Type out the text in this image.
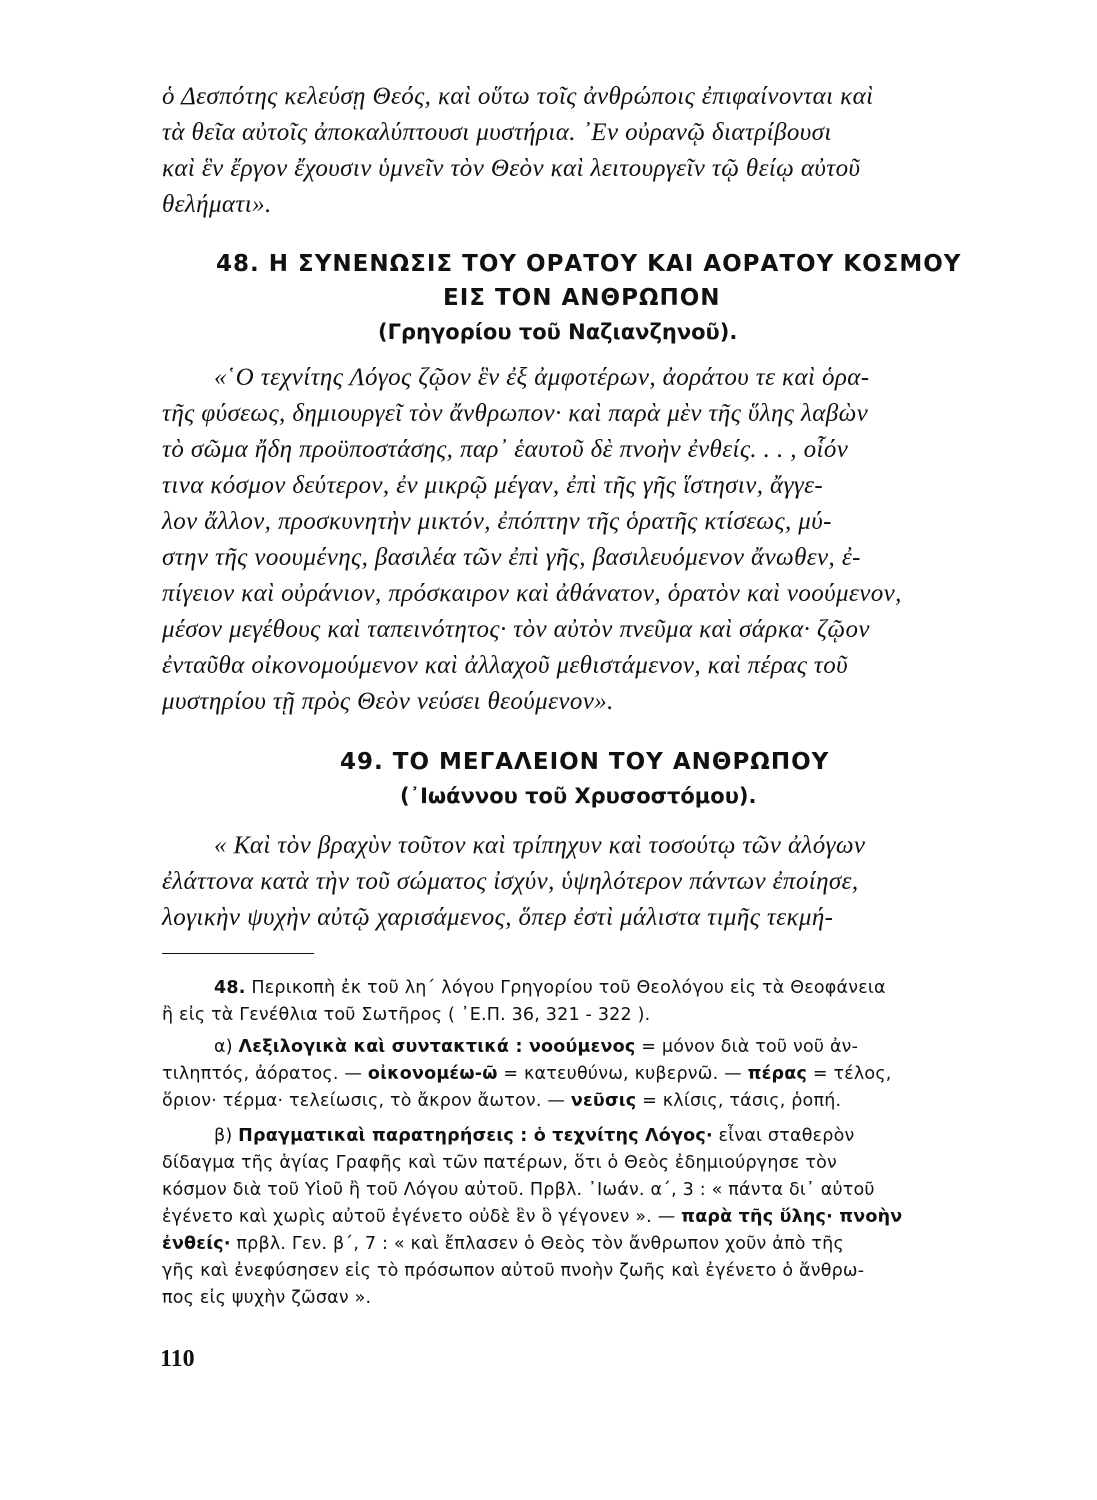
ὁ Δεσπότης κελεύσῃ Θεός, καὶ οὕτω τοῖς ἀνθρώποις ἐπιφαίνονται καὶ
τὰ θεῖα αὐτοῖς ἀποκαλύπτουσι μυστήρια. ᾿Εν οὐρανῷ διατρίβουσι
καὶ ἓν ἔργον ἔχουσιν ὑμνεῖν τὸν Θεὸν καὶ λειτουργεῖν τῷ θείῳ αὐτοῦ
θελήματι».
48. Η ΣΥΝΕΝΩΣΙΣ ΤΟΥ ΟΡΑΤΟΥ ΚΑΙ ΑΟΡΑΤΟΥ ΚΟΣΜΟΥ
ΕΙΣ ΤΟΝ ΑΝΘΡΩΠΟΝ
(Γρηγορίου τοῦ Ναζιανζηνοῦ).
«῾Ο τεχνίτης Λόγος ζῷον ἓν ἐξ ἀμφοτέρων, ἀοράτου τε καὶ ὁρα-
τῆς φύσεως, δημιουργεῖ τὸν ἄνθρωπον· καὶ παρὰ μὲν τῆς ὕλης λαβὼν
τὸ σῶμα ἤδη προϋποστάσης, παρ᾿ ἑαυτοῦ δὲ πνοὴν ἐνθείς. . . , οἷόν
τινα κόσμον δεύτερον, ἐν μικρῷ μέγαν, ἐπὶ τῆς γῆς ἵστησιν, ἄγγε-
λον ἄλλον, προσκυνητὴν μικτόν, ἐπόπτην τῆς ὁρατῆς κτίσεως, μύ-
στην τῆς νοουμένης, βασιλέα τῶν ἐπὶ γῆς, βασιλευόμενον ἄνωθεν, ἐ-
πίγειον καὶ οὐράνιον, πρόσκαιρον καὶ ἀθάνατον, ὁρατὸν καὶ νοούμενον,
μέσον μεγέθους καὶ ταπεινότητος· τὸν αὐτὸν πνεῦμα καὶ σάρκα· ζῷον
ἐνταῦθα οἰκονομούμενον καὶ ἀλλαχοῦ μεθιστάμενον, καὶ πέρας τοῦ
μυστηρίου τῇ πρὸς Θεὸν νεύσει θεούμενον».
49. ΤΟ ΜΕΓΑΛΕΙΟΝ ΤΟΥ ΑΝΘΡΩΠΟΥ
(᾿Ιωάννου τοῦ Χρυσοστόμου).
« Καὶ τὸν βραχὺν τοῦτον καὶ τρίπηχυν καὶ τοσούτῳ τῶν ἀλόγων
ἐλάττονα κατὰ τὴν τοῦ σώματος ἰσχύν, ὑψηλότερον πάντων ἐποίησε,
λογικὴν ψυχὴν αὐτῷ χαρισάμενος, ὅπερ ἐστὶ μάλιστα τιμῆς τεκμή-
48. Περικοπὴ ἐκ τοῦ λη΄ λόγου Γρηγορίου τοῦ Θεολόγου εἰς τὰ Θεοφάνεια
ἢ εἰς τὰ Γενέθλια τοῦ Σωτῆρος ( ᾿Ε.Π. 36, 321 - 322 ).
α) Λεξιλογικὰ καὶ συντακτικά : νοούμενος = μόνον διὰ τοῦ νοῦ ἀν-
τιληπτός, ἀόρατος. — οἰκονομέω-ῶ = κατευθύνω, κυβερνῶ. — πέρας = τέλος,
ὅριον· τέρμα· τελείωσις, τὸ ἄκρον ἄωτον. — νεῦσις = κλίσις, τάσις, ῥοπή.
β) Πραγματικαὶ παρατηρήσεις : ὁ τεχνίτης Λόγος· εἶναι σταθερὸν
δίδαγμα τῆς ἁγίας Γραφῆς καὶ τῶν πατέρων, ὅτι ὁ Θεὸς ἐδημιούργησε τὸν
κόσμον διὰ τοῦ Υἱοῦ ἢ τοῦ Λόγου αὐτοῦ. Πρβλ. ᾿Ιωάν. α΄, 3 : « πάντα δι᾿ αὐτοῦ
ἐγένετο καὶ χωρὶς αὐτοῦ ἐγένετο οὐδὲ ἓν ὃ γέγονεν ». — παρὰ τῆς ὕλης· πνοὴν
ἐνθείς· πρβλ. Γεν. β΄, 7 : « καὶ ἔπλασεν ὁ Θεὸς τὸν ἄνθρωπον χοῦν ἀπὸ τῆς
γῆς καὶ ἐνεφύσησεν εἰς τὸ πρόσωπον αὐτοῦ πνοὴν ζωῆς καὶ ἐγένετο ὁ ἄνθρω-
πος εἰς ψυχὴν ζῶσαν ».
110
